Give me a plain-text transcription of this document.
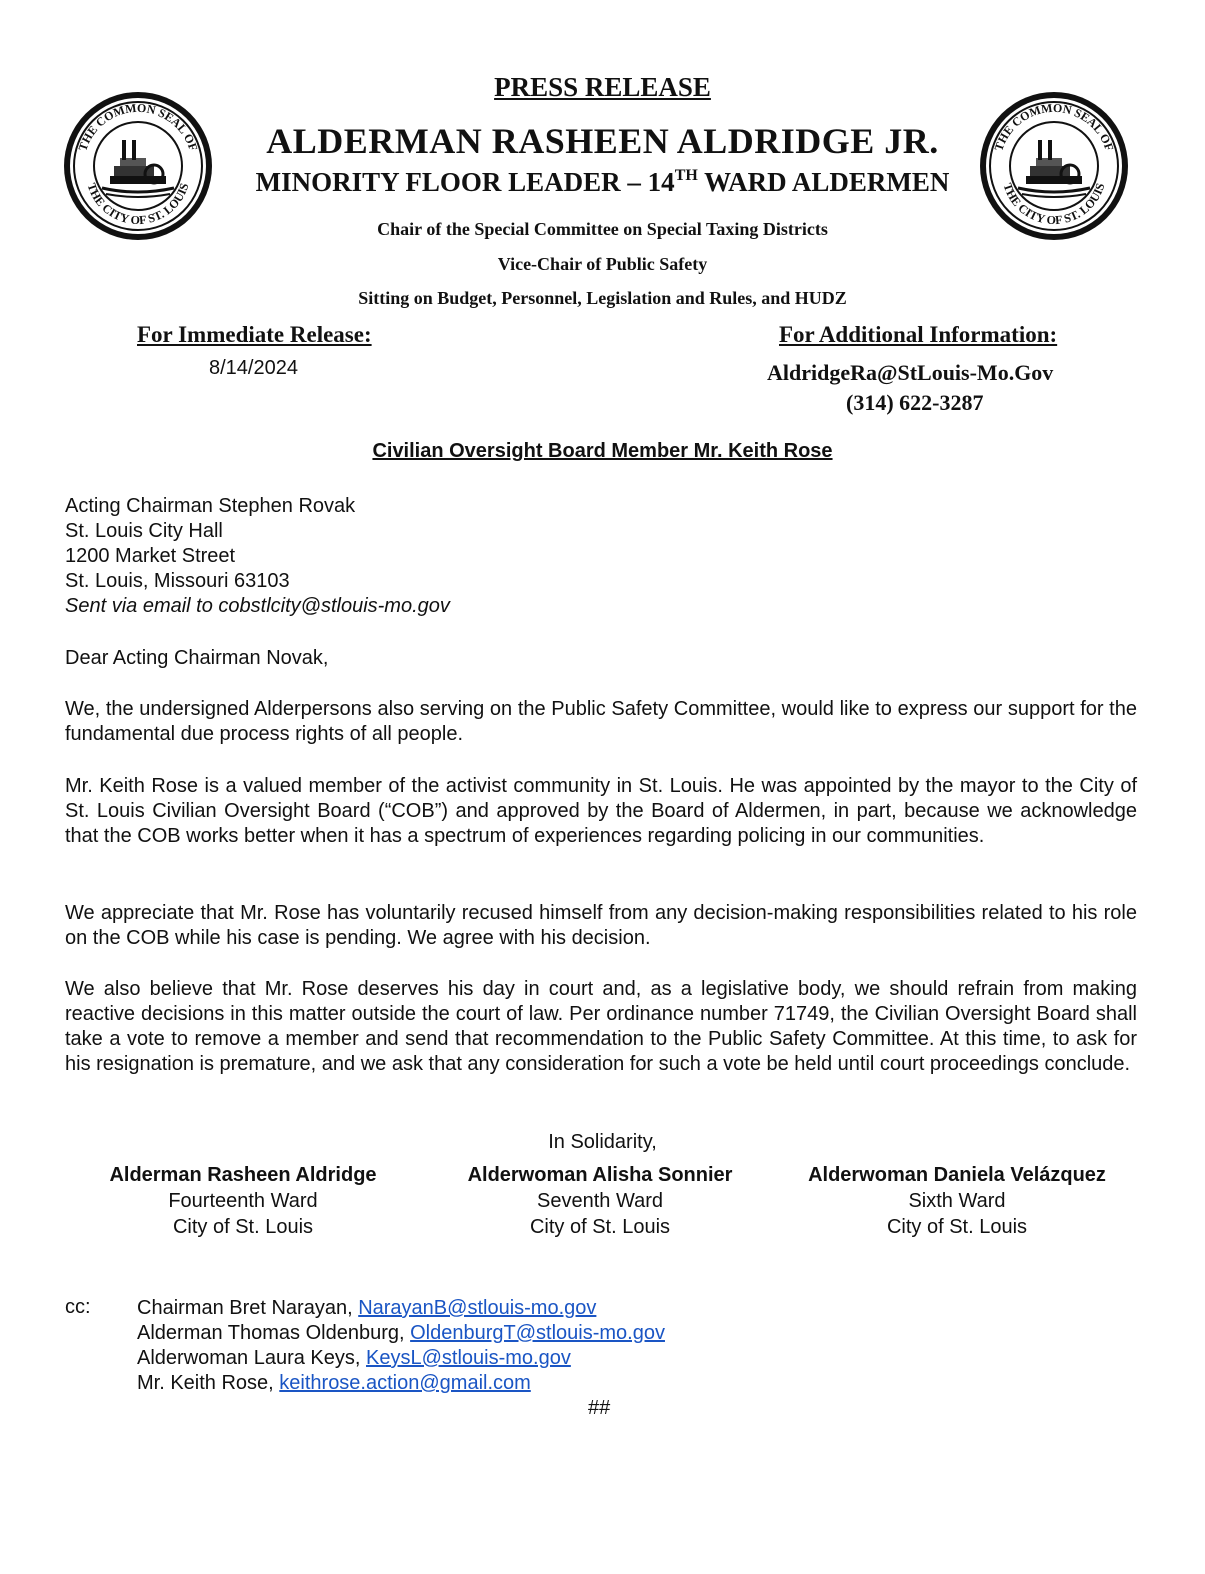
THE COMMON SEAL OF
THE CITY OF ST. LOUIS
THE COMMON SEAL OF
THE CITY OF ST. LOUIS
PRESS RELEASE
ALDERMAN RASHEEN ALDRIDGE JR.
MINORITY FLOOR LEADER – 14TH WARD ALDERMEN
Chair of the Special Committee on Special Taxing Districts
Vice-Chair of Public Safety
Sitting on Budget, Personnel, Legislation and Rules, and HUDZ
For Immediate Release:
8/14/2024
For Additional Information:
AldridgeRa@StLouis-Mo.Gov
(314) 622-3287
Civilian Oversight Board Member Mr. Keith Rose
Acting Chairman Stephen Rovak
St. Louis City Hall
1200 Market Street
St. Louis, Missouri 63103
Sent via email to cobstlcity@stlouis-mo.gov
Dear Acting Chairman Novak,
We, the undersigned Alderpersons also serving on the Public Safety Committee, would like to express our support for the fundamental due process rights of all people.
Mr. Keith Rose is a valued member of the activist community in St. Louis. He was appointed by the mayor to the City of St. Louis Civilian Oversight Board (“COB”) and approved by the Board of Aldermen, in part, because we acknowledge that the COB works better when it has a spectrum of experiences regarding policing in our communities.
We appreciate that Mr. Rose has voluntarily recused himself from any decision-making responsibilities related to his role on the COB while his case is pending. We agree with his decision.
We also believe that Mr. Rose deserves his day in court and, as a legislative body, we should refrain from making reactive decisions in this matter outside the court of law. Per ordinance number 71749, the Civilian Oversight Board shall take a vote to remove a member and send that recommendation to the Public Safety Committee. At this time, to ask for his resignation is premature, and we ask that any consideration for such a vote be held until court proceedings conclude.
In Solidarity,
Alderman Rasheen Aldridge
Fourteenth Ward
City of St. Louis
Alderwoman Alisha Sonnier
Seventh Ward
City of St. Louis
Alderwoman Daniela Velázquez
Sixth Ward
City of St. Louis
cc: Chairman Bret Narayan, NarayanB@stlouis-mo.gov
Alderman Thomas Oldenburg, OldenburgT@stlouis-mo.gov
Alderwoman Laura Keys, KeysL@stlouis-mo.gov
Mr. Keith Rose, keithrose.action@gmail.com
##
